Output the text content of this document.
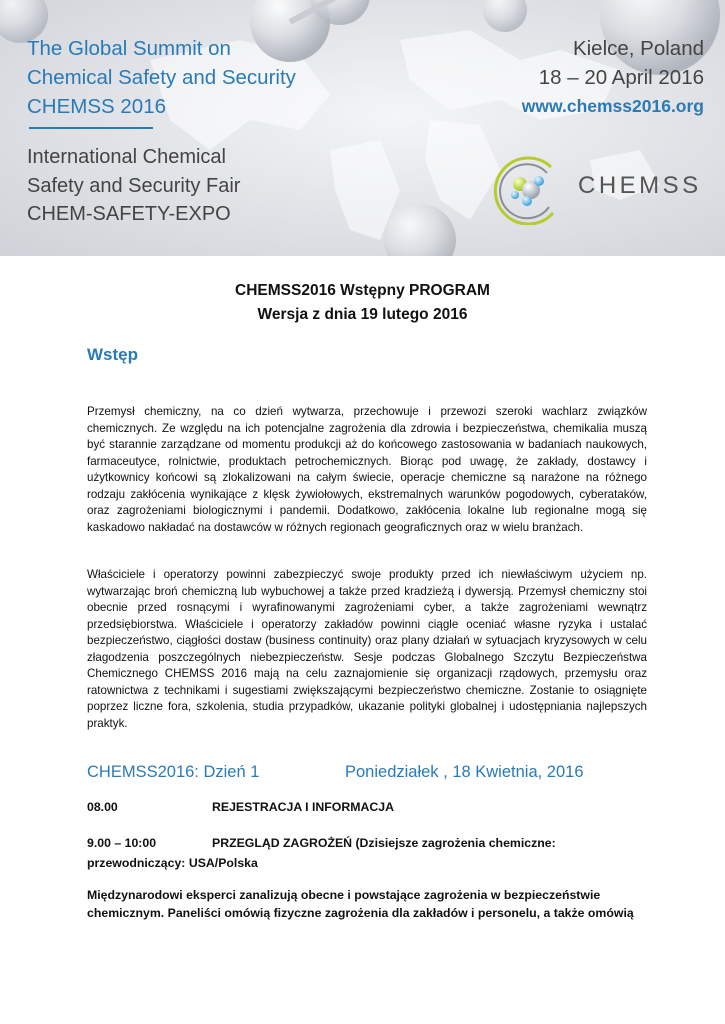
The Global Summit on
Chemical Safety and Security
CHEMSS 2016
International Chemical
Safety and Security Fair
CHEM-SAFETY-EXPO
Kielce, Poland
18 – 20 April 2016
www.chemss2016.org
CHEMSS
CHEMSS2016 Wstępny PROGRAM
Wersja z dnia 19 lutego 2016
Wstęp

Przemysł chemiczny, na co dzień wytwarza, przechowuje i przewozi szeroki wachlarz związków chemicznych. Ze względu na ich potencjalne zagrożenia dla zdrowia i bezpieczeństwa, chemikalia muszą być starannie zarządzane od momentu produkcji aż do końcowego zastosowania w badaniach naukowych, farmaceutyce, rolnictwie, produktach petrochemicznych. Biorąc pod uwagę, że zakłady, dostawcy i użytkownicy końcowi są zlokalizowani na całym świecie, operacje chemiczne są narażone na różnego rodzaju zakłócenia wynikające z klęsk żywiołowych, ekstremalnych warunków pogodowych, cyberataków, oraz zagrożeniami biologicznymi i pandemii. Dodatkowo, zakłócenia lokalne lub regionalne mogą się kaskadowo nakładać na dostawców w różnych regionach geograficznych oraz w wielu branżach.

Właściciele i operatorzy powinni zabezpieczyć swoje produkty przed ich niewłaściwym użyciem np. wytwarzając broń chemiczną lub wybuchowej a także przed kradzieżą i dywersją. Przemysł chemiczny stoi obecnie przed rosnącymi i wyrafinowanymi zagrożeniami cyber, a także zagrożeniami wewnątrz przedsiębiorstwa. Właściciele i operatorzy zakładów powinni ciągle oceniać własne ryzyka i ustalać bezpieczeństwo, ciągłości dostaw (business continuity) oraz plany działań w sytuacjach kryzysowych w celu złagodzenia poszczególnych niebezpieczeństw. Sesje podczas Globalnego Szczytu Bezpieczeństwa Chemicznego CHEMSS 2016 mają na celu zaznajomienie się organizacji rządowych, przemysłu oraz ratownictwa z technikami i sugestiami zwiększającymi bezpieczeństwo chemiczne. Zostanie to osiągnięte poprzez liczne fora, szkolenia, studia przypadków, ukazanie polityki globalnej i udostępniania najlepszych praktyk.

CHEMSS2016: Dzień 1	Poniedziałek , 18 Kwietnia, 2016
08.00	REJESTRACJA I INFORMACJA
9.00 – 10:00	PRZEGLĄD ZAGROŻEŃ (Dzisiejsze zagrożenia chemiczne:
przewodniczący: USA/Polska

Międzynarodowi eksperci zanalizują obecne i powstające zagrożenia w bezpieczeństwie
chemicznym. Paneliści omówią fizyczne zagrożenia dla zakładów i personelu, a także omówią
